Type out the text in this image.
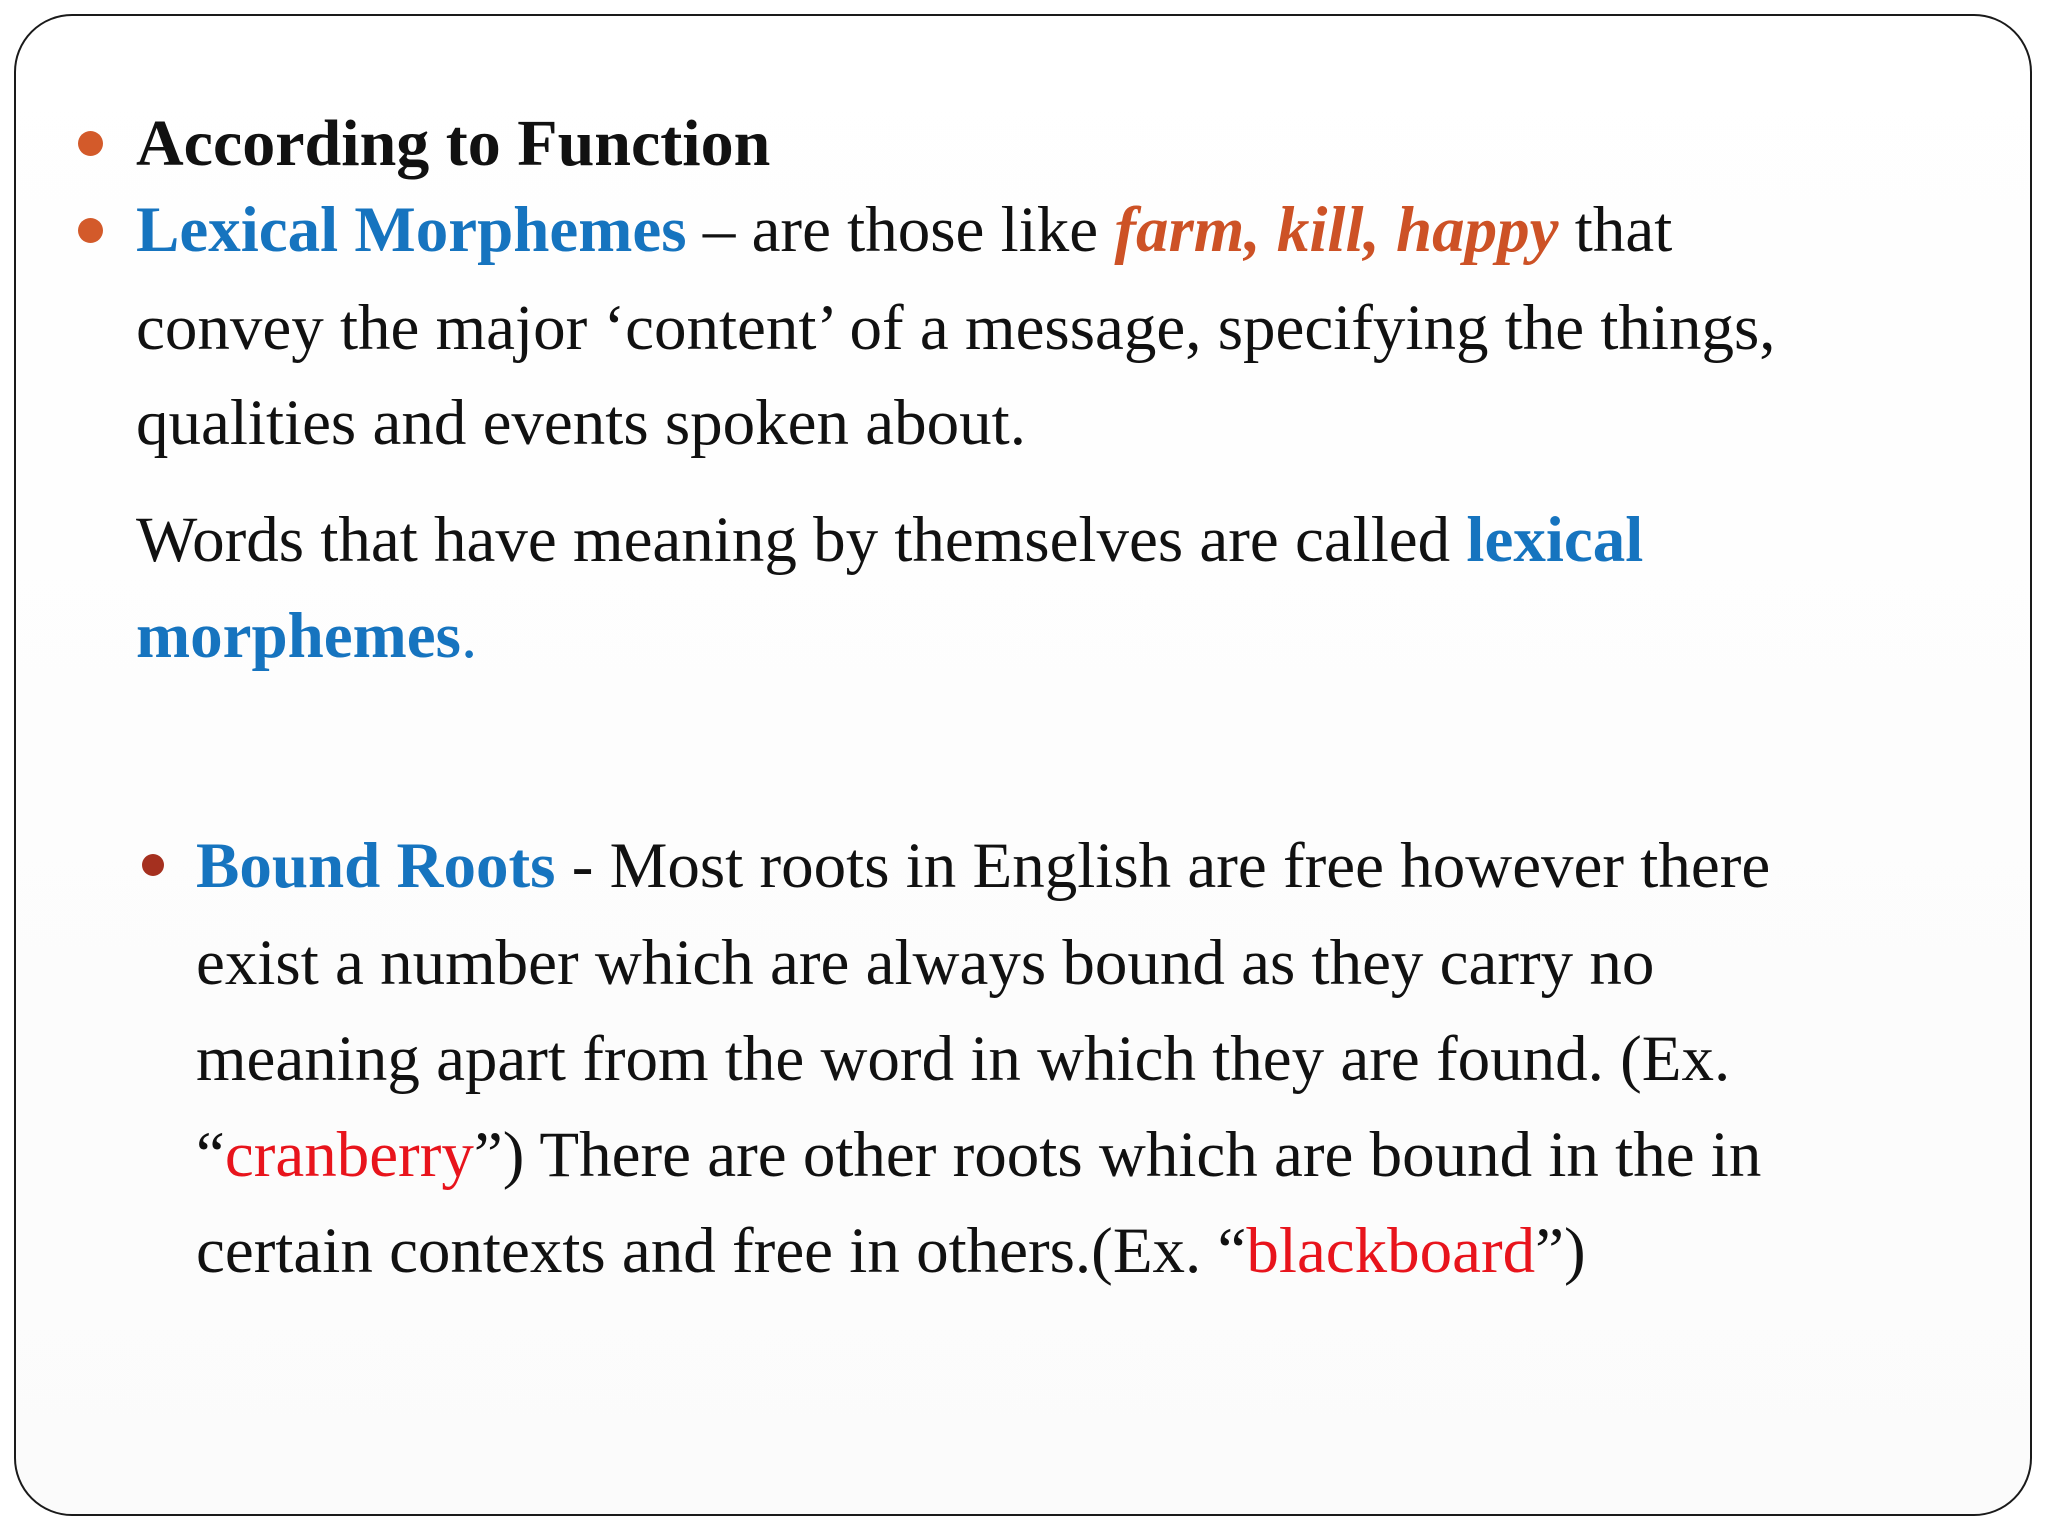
According to Function
Lexical Morphemes – are those like farm, kill, happy that
convey the major ‘content’ of a message, specifying the things,
qualities and events spoken about.
Words that have meaning by themselves are called lexical
morphemes.
Bound Roots - Most roots in English are free however there
exist a number which are always bound as they carry no
meaning apart from the word in which they are found. (Ex.
“cranberry”) There are other roots which are bound in the in
certain contexts and free in others.(Ex. “blackboard”)
